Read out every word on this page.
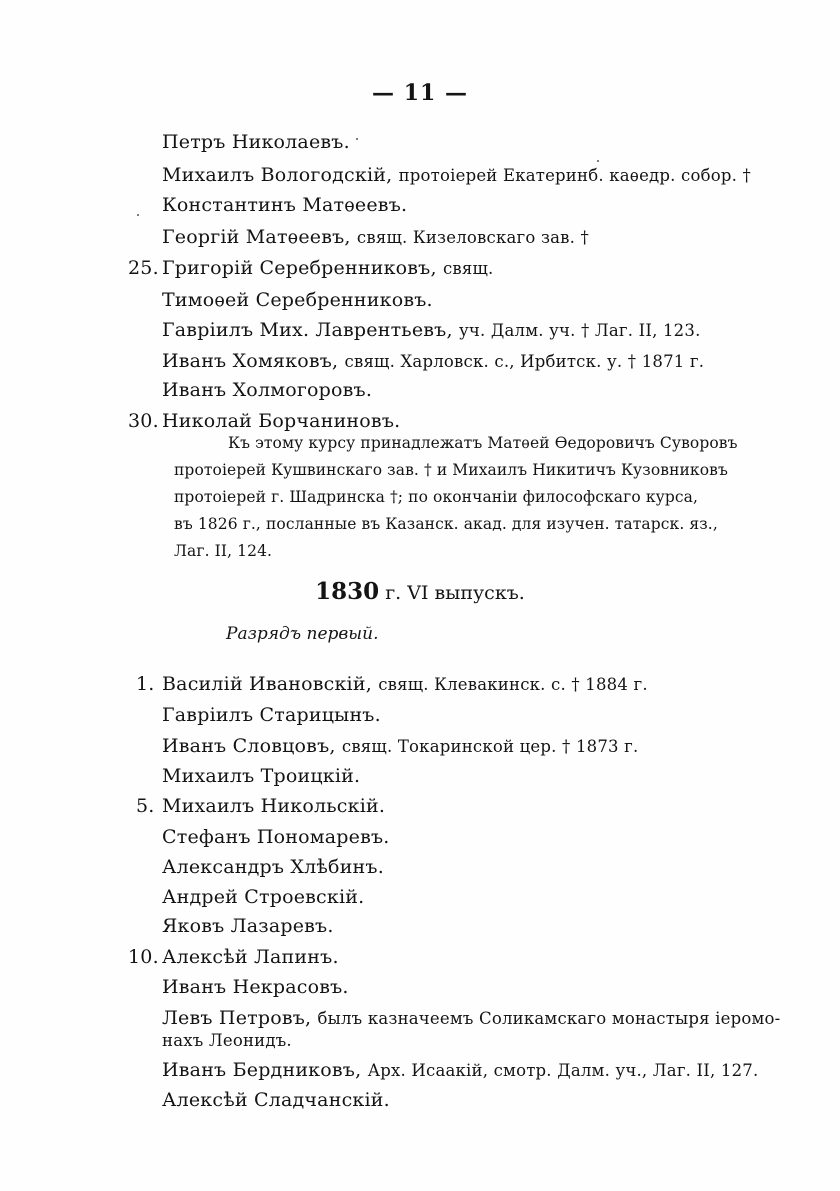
— 11 —
Петръ Николаевъ.
Михаилъ Вологодскій, протоіерей Екатеринб. каѳедр. собор. †
Константинъ Матѳеевъ.
Георгій Матѳеевъ, свящ. Кизеловскаго зав. †
25. Григорій Серебренниковъ, свящ.
Тимоѳей Серебренниковъ.
Гавріилъ Мих. Лаврентьевъ, уч. Далм. уч. † Лаг. II, 123.
Иванъ Хомяковъ, свящ. Харловск. с., Ирбитск. у. † 1871 г.
Иванъ Холмогоровъ.
30. Николай Борчаниновъ.
Къ этому курсу принадлежатъ Матѳей Ѳедоровичъ Суворовъ
протоіерей Кушвинскаго зав. † и Михаилъ Никитичъ Кузовниковъ
протоіерей г. Шадринска †; по окончаніи философскаго курса,
въ 1826 г., посланные въ Казанск. акад. для изучен. татарск. яз.,
Лаг. II, 124.
1830 г. VI выпускъ.
Разрядъ первый.
1. Василій Ивановскій, свящ. Клевакинск. с. † 1884 г.
Гавріилъ Старицынъ.
Иванъ Словцовъ, свящ. Токаринской цер. † 1873 г.
Михаилъ Троицкій.
5. Михаилъ Никольскій.
Стефанъ Пономаревъ.
Александръ Хлѣбинъ.
Андрей Строевскій.
Яковъ Лазаревъ.
10. Алексѣй Лапинъ.
Иванъ Некрасовъ.
Левъ Петровъ, былъ казначеемъ Соликамскаго монастыря іеромо-
нахъ Леонидъ.
Иванъ Бердниковъ, Арх. Исаакій, смотр. Далм. уч., Лаг. II, 127.
Алексѣй Сладчанскій.
